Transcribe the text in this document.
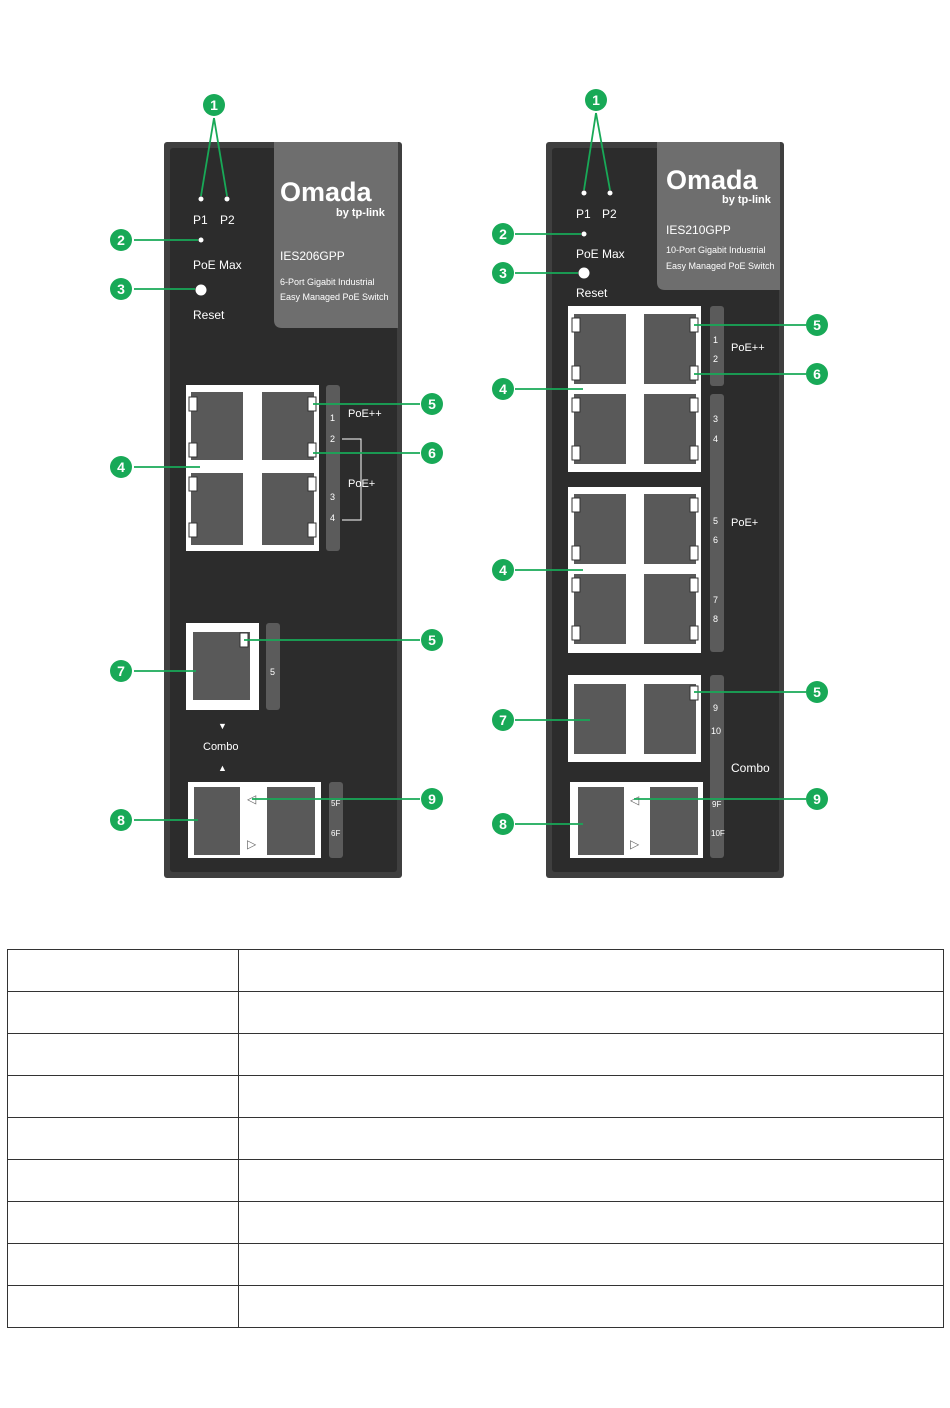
Omada
by tp-link
IES206GPP
6-Port Gigabit Industrial
Easy Managed PoE Switch
P1 P2
PoE Max
Reset
1
2
3
4
PoE++
PoE+
5
▼
Combo
▲
◁
▷
5F
6F
Omada
by tp-link
IES210GPP
10-Port Gigabit Industrial
Easy Managed PoE Switch
P1 P2
PoE Max
Reset
1
2
3
4
PoE++
5
6
7
8
PoE+
9
10
Combo
◁
▷
9F
10F
1
2
3
4
5
6
7
5
8
9
1
2
3
4
5
6
4
7
5
8
9
